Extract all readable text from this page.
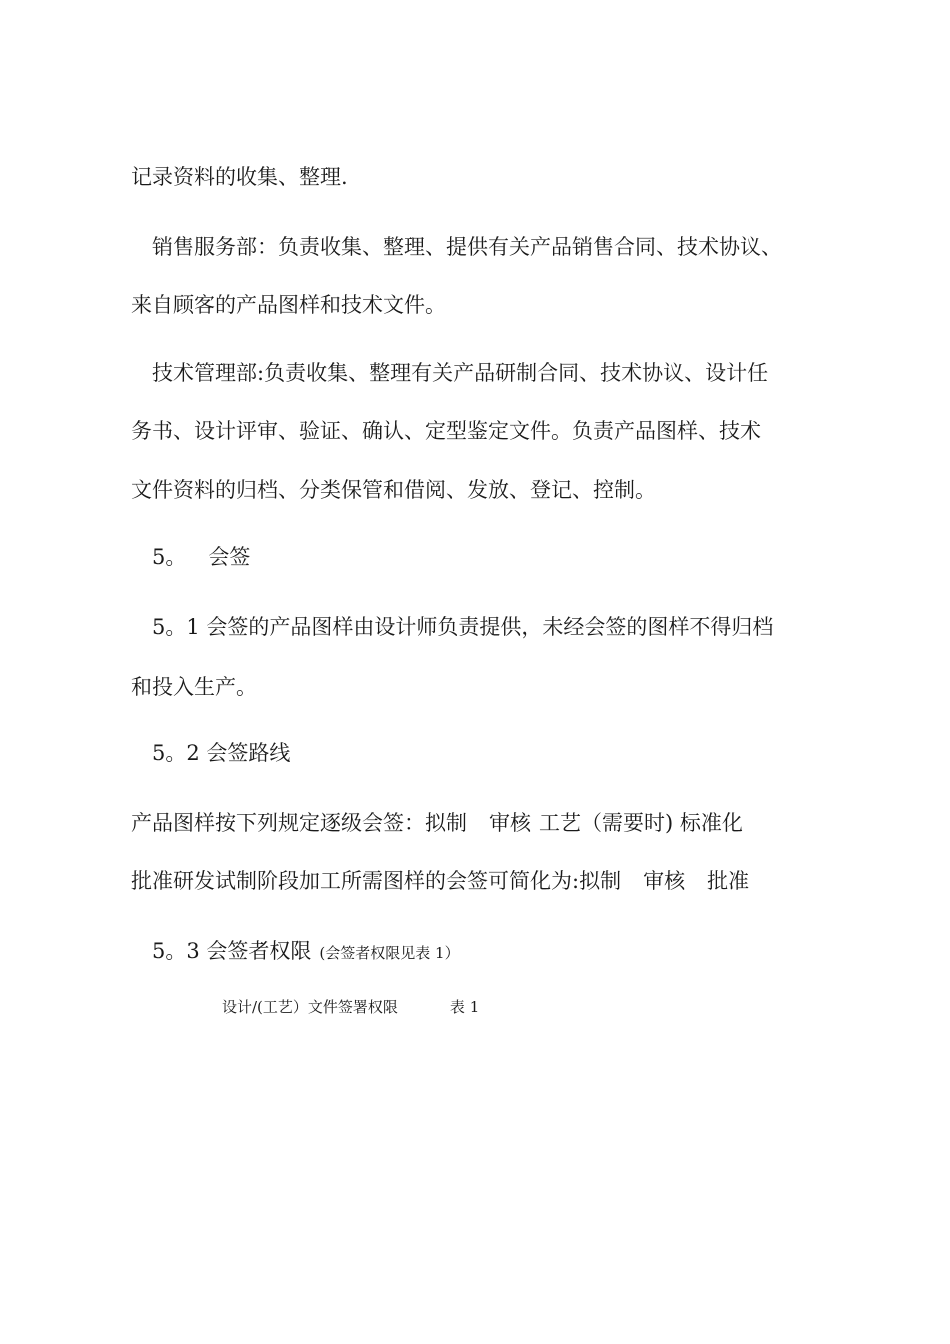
记录资料的收集、整理.
销售服务部：负责收集、整理、提供有关产品销售合同、技术协议、
来自顾客的产品图样和技术文件。
技术管理部:负责收集、整理有关产品研制合同、技术协议、设计任
务书、设计评审、验证、确认、定型鉴定文件。负责产品图样、技术
文件资料的归档、分类保管和借阅、发放、登记、控制。
5。 会签
5。1 会签的产品图样由设计师负责提供，未经会签的图样不得归档
和投入生产。
5。2 会签路线
产品图样按下列规定逐级会签：拟制 审核 工艺（需要时) 标准化
批准研发试制阶段加工所需图样的会签可简化为:拟制 审核 批准
5。3 会签者权限 (会签者权限见表 1）
设计/(工艺）文件签署权限	表 1
